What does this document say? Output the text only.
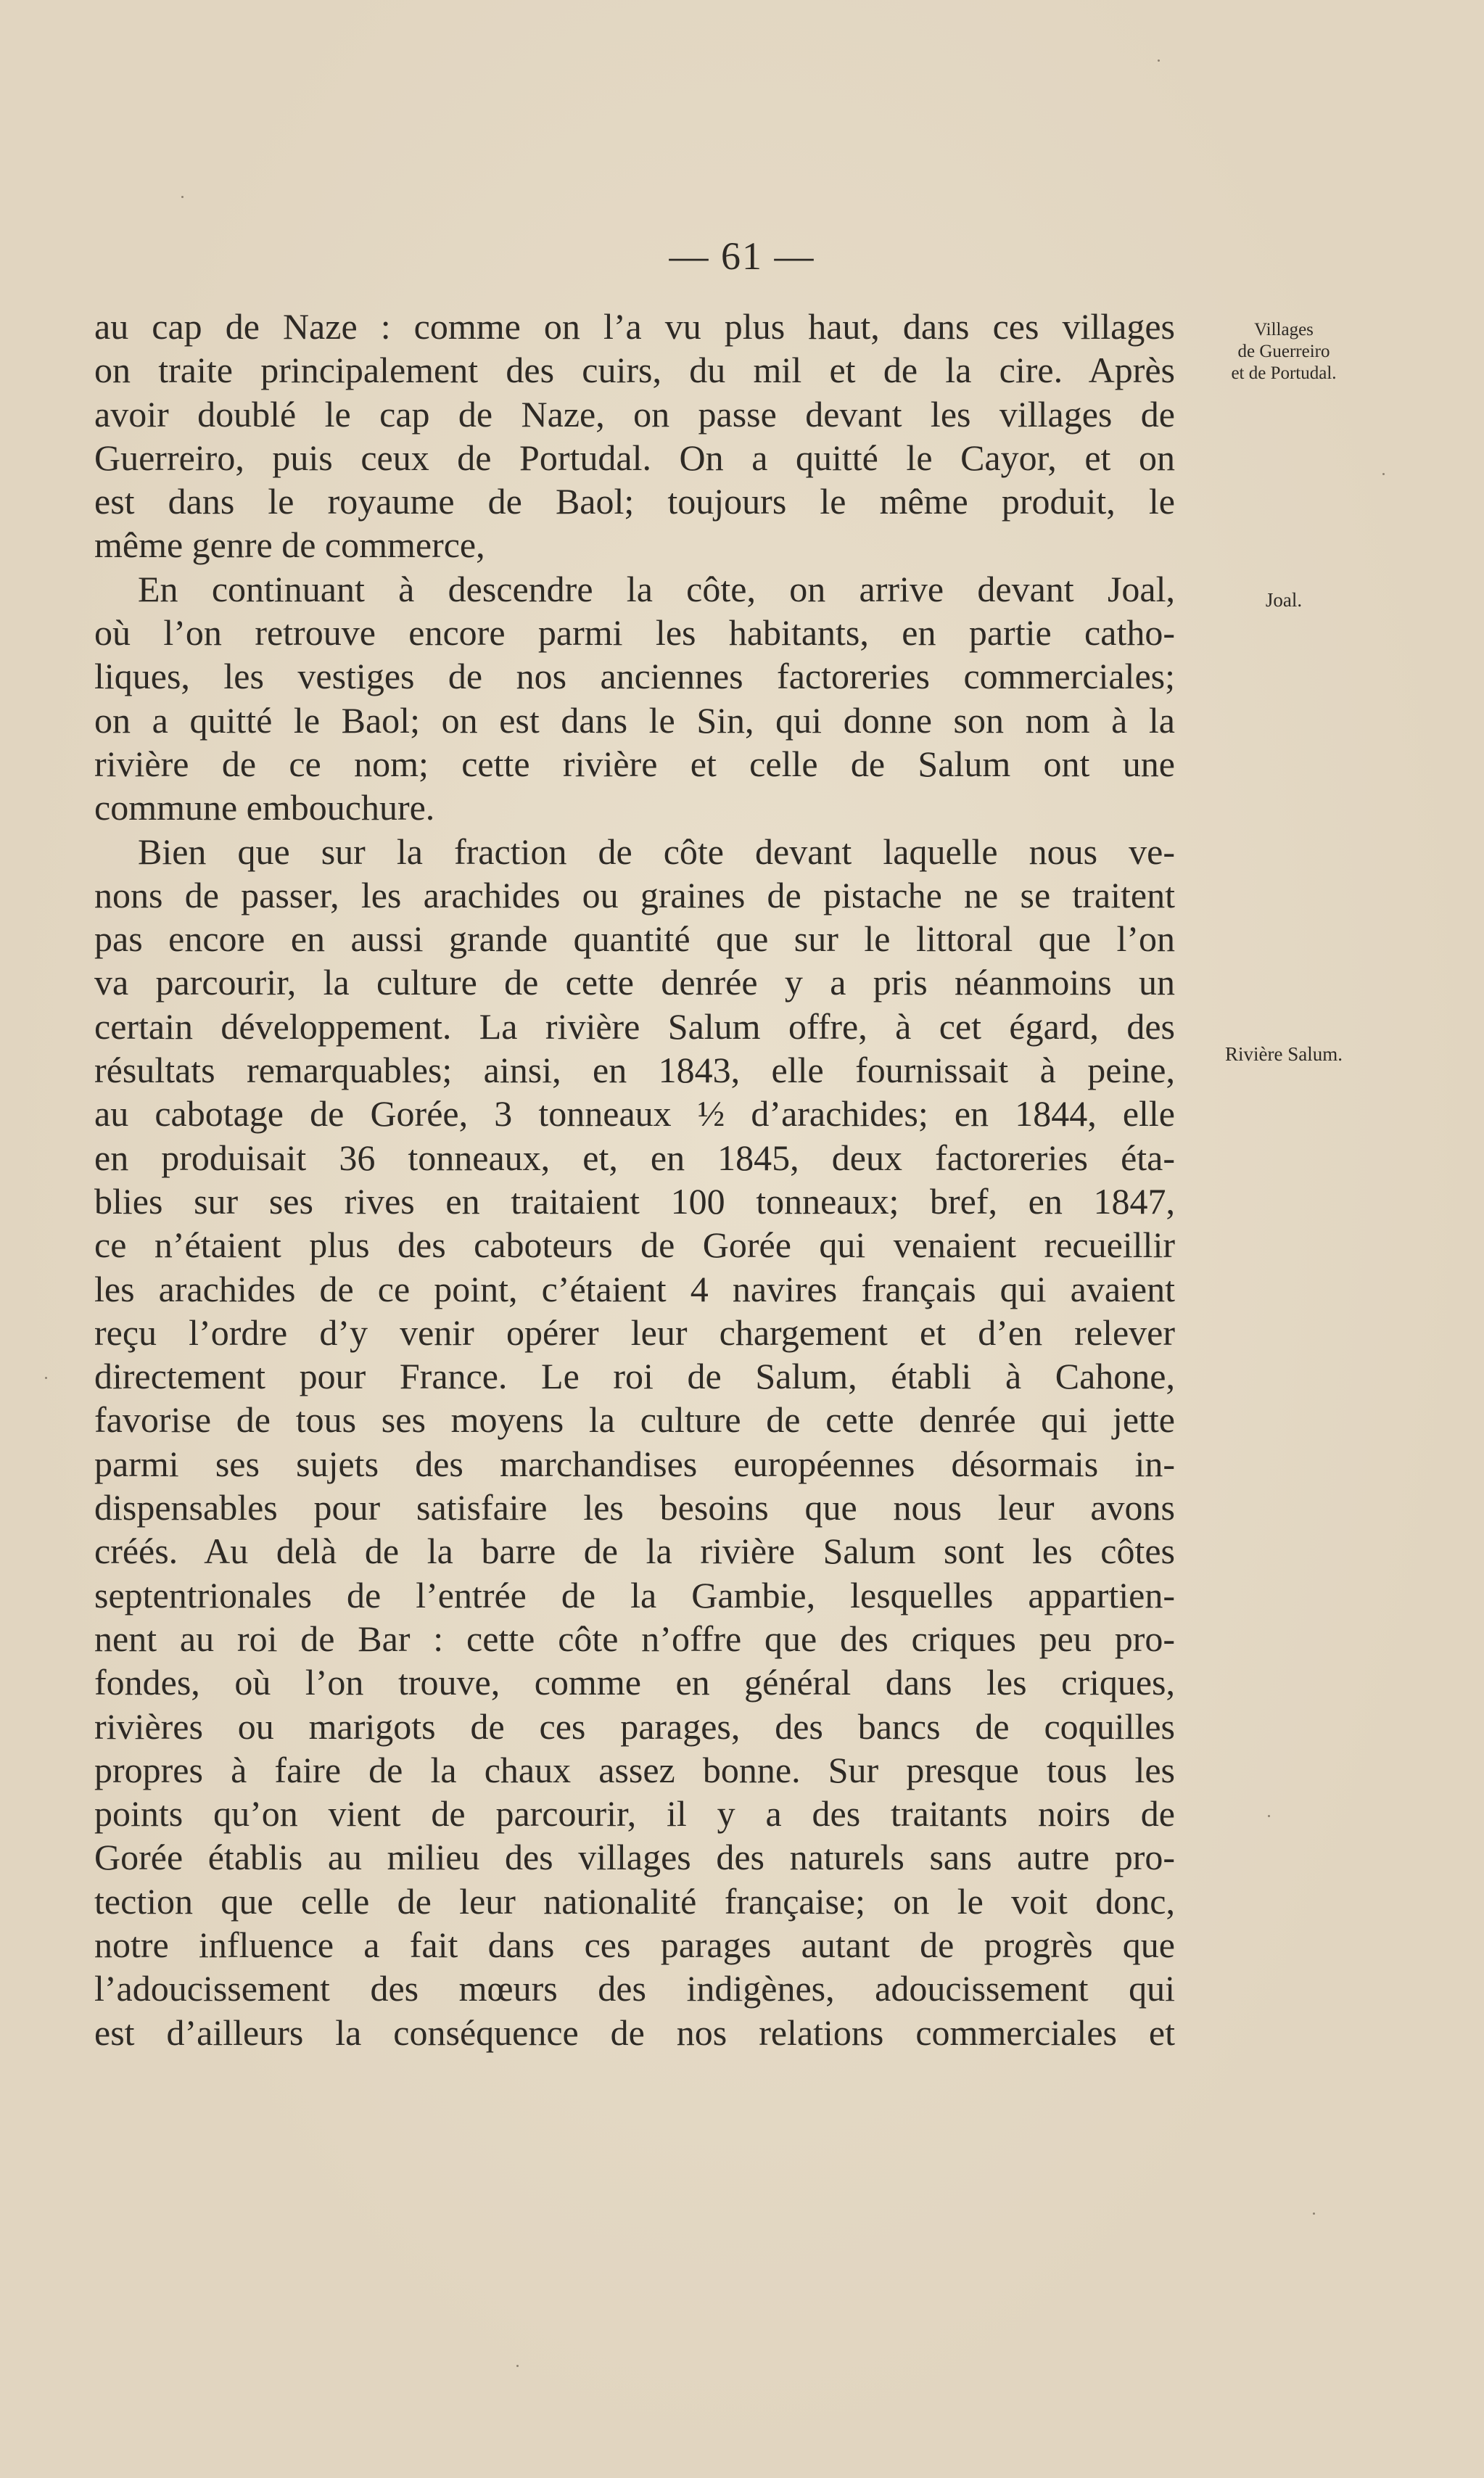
— 61 —
au cap de Naze : comme on l’a vu plus haut, dans ces villages
on traite principalement des cuirs, du mil et de la cire. Après
avoir doublé le cap de Naze, on passe devant les villages de
Guerreiro, puis ceux de Portudal. On a quitté le Cayor, et on
est dans le royaume de Baol; toujours le même produit, le
même genre de commerce,
En continuant à descendre la côte, on arrive devant Joal,
où l’on retrouve encore parmi les habitants, en partie catho-
liques, les vestiges de nos anciennes factoreries commerciales;
on a quitté le Baol; on est dans le Sin, qui donne son nom à la
rivière de ce nom; cette rivière et celle de Salum ont une
commune embouchure.
Bien que sur la fraction de côte devant laquelle nous ve-
nons de passer, les arachides ou graines de pistache ne se traitent
pas encore en aussi grande quantité que sur le littoral que l’on
va parcourir, la culture de cette denrée y a pris néanmoins un
certain développement. La rivière Salum offre, à cet égard, des
résultats remarquables; ainsi, en 1843, elle fournissait à peine,
au cabotage de Gorée, 3 tonneaux ½ d’arachides; en 1844, elle
en produisait 36 tonneaux, et, en 1845, deux factoreries éta-
blies sur ses rives en traitaient 100 tonneaux; bref, en 1847,
ce n’étaient plus des caboteurs de Gorée qui venaient recueillir
les arachides de ce point, c’étaient 4 navires français qui avaient
reçu l’ordre d’y venir opérer leur chargement et d’en relever
directement pour France. Le roi de Salum, établi à Cahone,
favorise de tous ses moyens la culture de cette denrée qui jette
parmi ses sujets des marchandises européennes désormais in-
dispensables pour satisfaire les besoins que nous leur avons
créés. Au delà de la barre de la rivière Salum sont les côtes
septentrionales de l’entrée de la Gambie, lesquelles appartien-
nent au roi de Bar : cette côte n’offre que des criques peu pro-
fondes, où l’on trouve, comme en général dans les criques,
rivières ou marigots de ces parages, des bancs de coquilles
propres à faire de la chaux assez bonne. Sur presque tous les
points qu’on vient de parcourir, il y a des traitants noirs de
Gorée établis au milieu des villages des naturels sans autre pro-
tection que celle de leur nationalité française; on le voit donc,
notre influence a fait dans ces parages autant de progrès que
l’adoucissement des mœurs des indigènes, adoucissement qui
est d’ailleurs la conséquence de nos relations commerciales et
Villages
de Guerreiro
et de Portudal.
Joal.
Rivière Salum.
